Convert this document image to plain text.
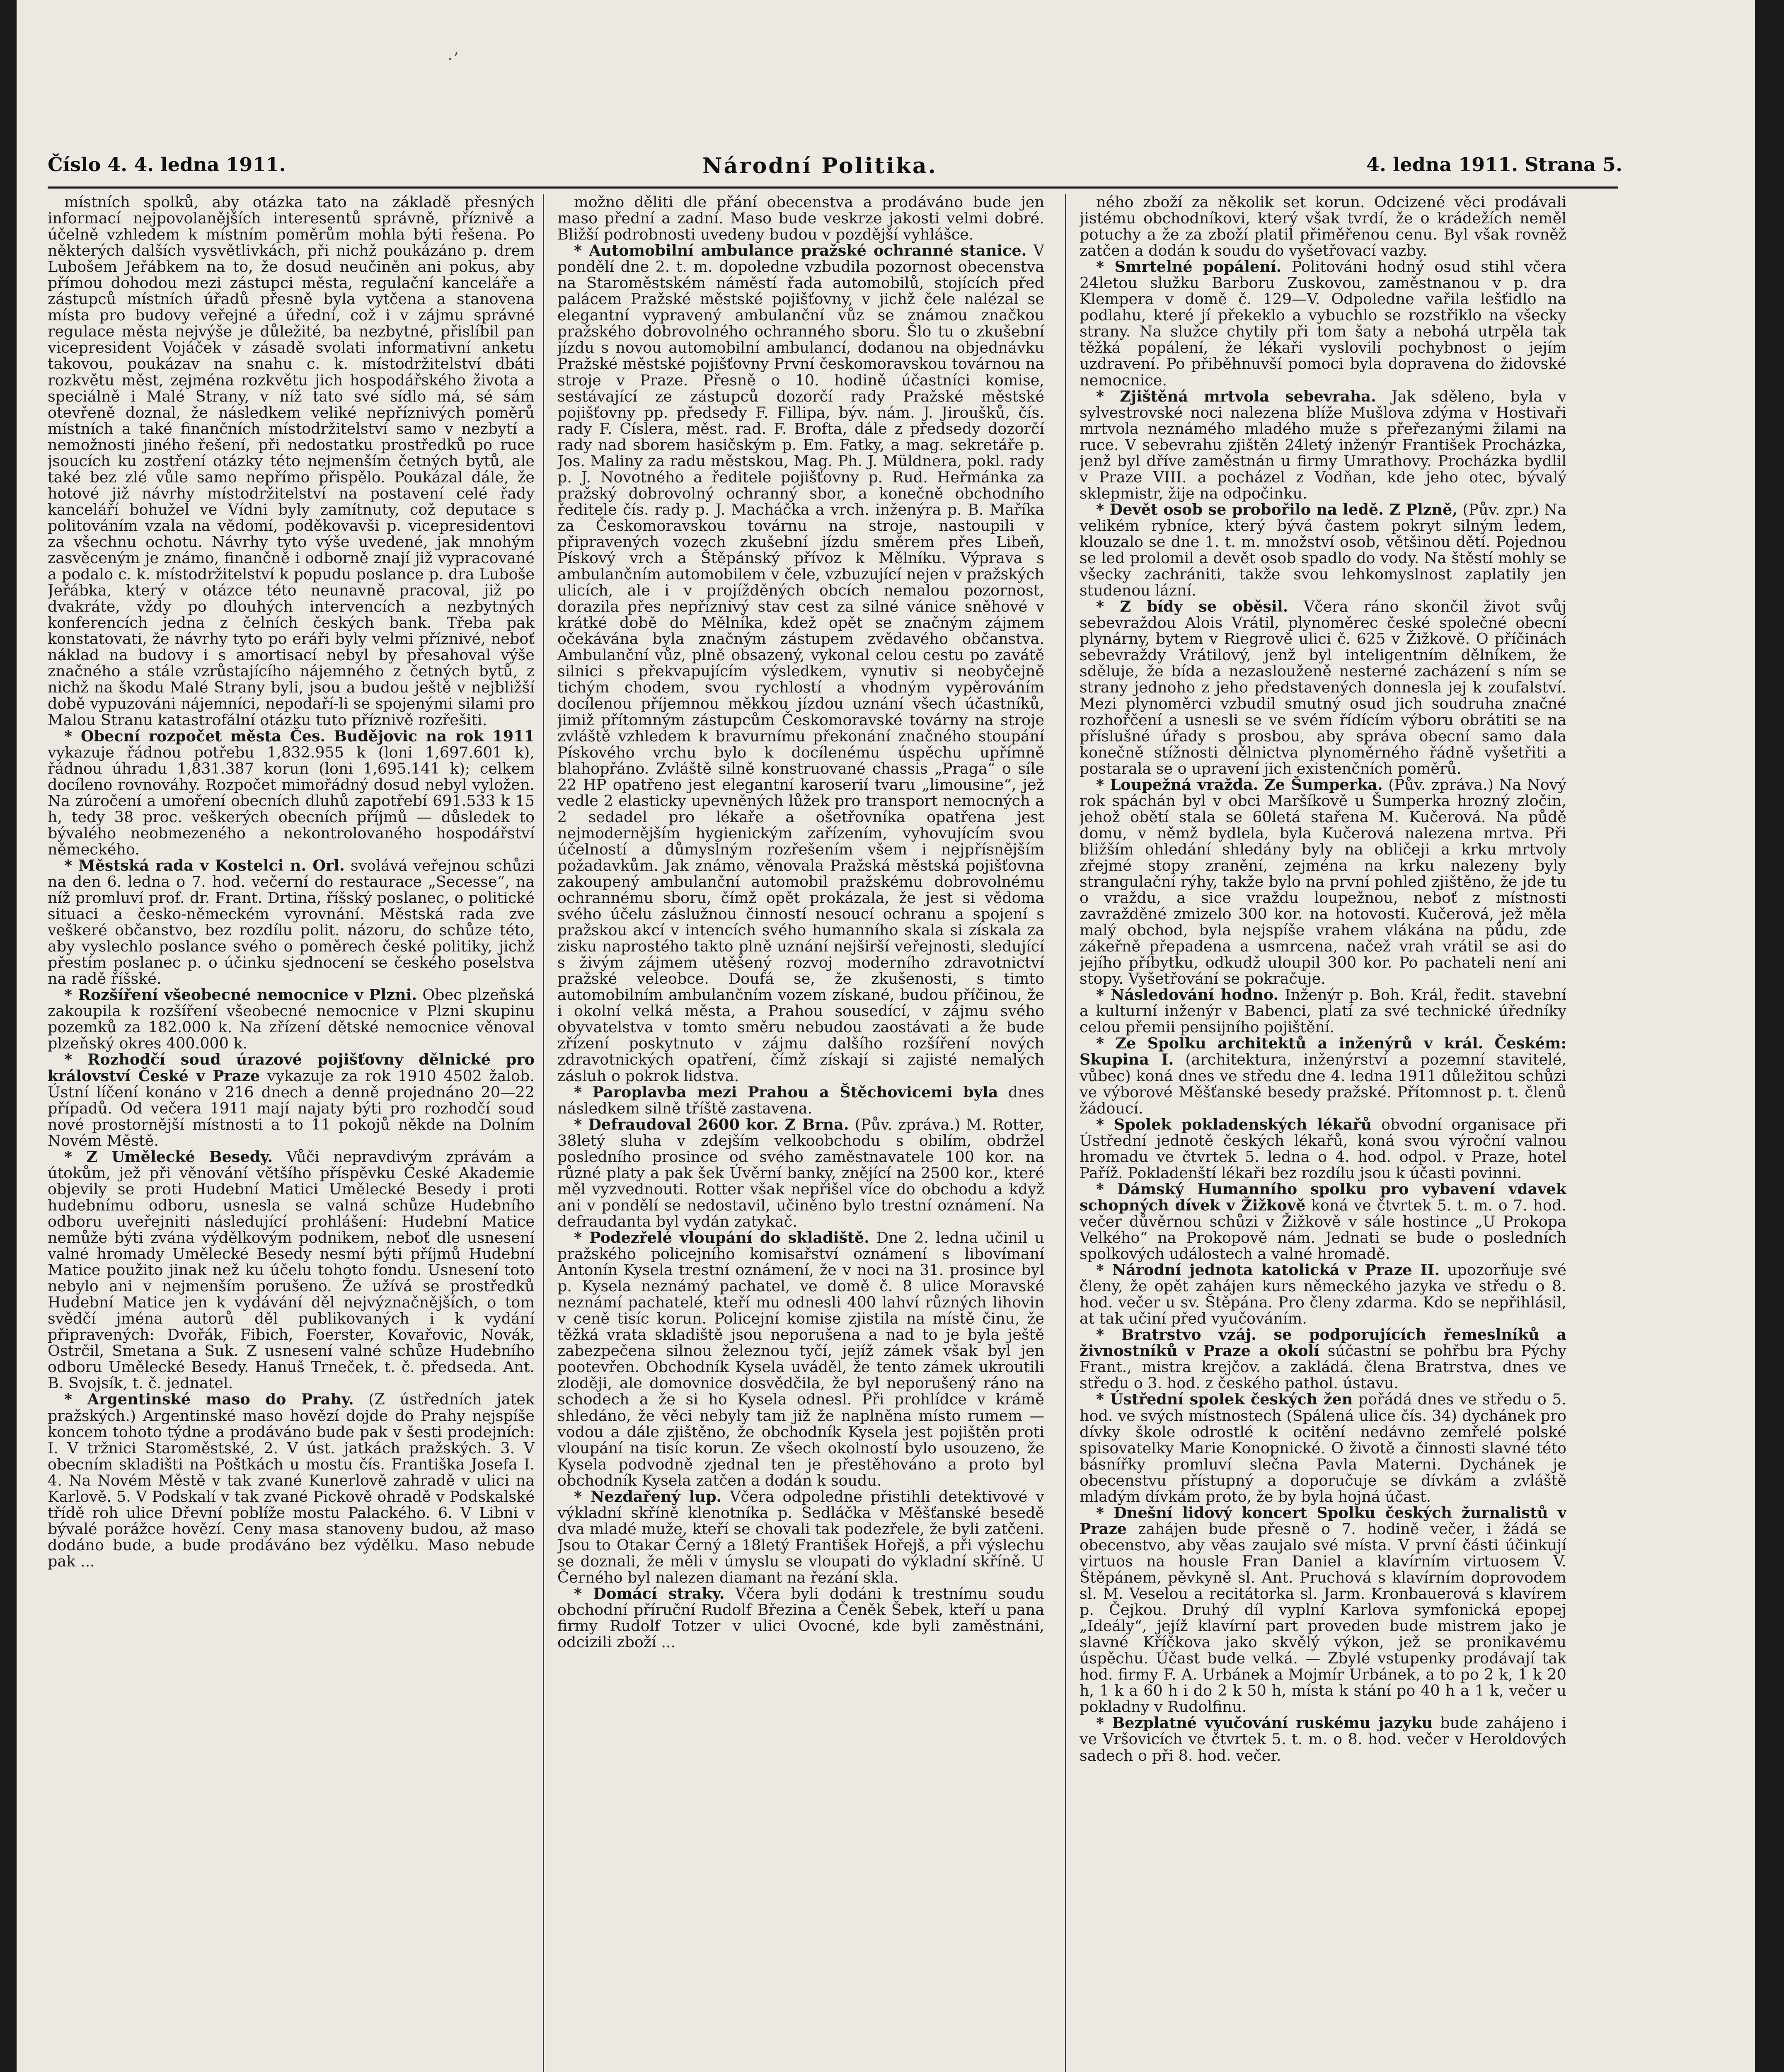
·ʼ
Číslo 4. 4. ledna 1911.	Národní Politika.	4. ledna 1911. Strana 5.

místních spolků, aby otázka tato na základě přesných informací nejpovolanějších interesentů správně, příznivě a účelně vzhledem k místním poměrům mohla býti řešena. Po některých dalších vysvětlivkách, při nichž poukázáno p. drem Lubošem Jeřábkem na to, že dosud neučiněn ani pokus, aby přímou dohodou mezi zástupci města, regulační kanceláře a zástupců místních úřadů přesně byla vytčena a stanovena místa pro budovy veřejné a úřední, což i v zájmu správné regulace města nejvýše je důležité, ba nezbytné, přislíbil pan vicepresident Vojáček v zásadě svolati informativní anketu takovou, poukázav na snahu c. k. místodržitelství dbáti rozkvětu měst, zejména rozkvětu jich hospodářského života a speciálně i Malé Strany, v níž tato své sídlo má, sé sám otevřeně doznal, že následkem veliké nepříznivých poměrů místních a také finančních místodržitelství samo v nezbytí a nemožnosti jiného řešení, při nedostatku prostředků po ruce jsoucích ku zostření otázky této nejmenším četných bytů, ale také bez zlé vůle samo nepřímo přispělo. Poukázal dále, že hotové již návrhy místodržitelství na postavení celé řady kanceláří bohužel ve Vídni byly zamítnuty, což deputace s politováním vzala na vědomí, poděkovavši p. vicepresidentovi za všechnu ochotu. Návrhy tyto výše uvedené, jak mnohým zasvěceným je známo, finančně i odborně znají již vypracované a podalo c. k. místodržitelství k popudu poslance p. dra Luboše Jeřábka, který v otázce této neunavně pracoval, již po dvakráte, vždy po dlouhých intervencích a nezbytných konferencích jedna z čelních českých bank. Třeba pak konstatovati, že návrhy tyto po eráři byly velmi příznivé, neboť náklad na budovy i s amortisací nebyl by přesahoval výše značného a stále vzrůstajícího nájemného z četných bytů, z nichž na škodu Malé Strany byli, jsou a budou ještě v nejbližší době vypuzováni nájemníci, nepodaří-li se spojenými silami pro Malou Stranu katastrofální otázku tuto příznivě rozřešiti.

* Obecní rozpočet města Čes. Budějovic na rok 1911 vykazuje řádnou potřebu 1,832.955 k (loni 1,697.601 k), řádnou úhradu 1,831.387 korun (loni 1,695.141 k); celkem docíleno rovnováhy. Rozpočet mimořádný dosud nebyl vyložen. Na zúročení a umoření obecních dluhů zapotřebí 691.533 k 15 h, tedy 38 proc. veškerých obecních příjmů — důsledek to bývalého neobmezeného a nekontrolovaného hospodářství německého.

* Městská rada v Kostelci n. Orl. svolává veřejnou schůzi na den 6. ledna o 7. hod. večerní do restaurace „Secesse“, na níž promluví prof. dr. Frant. Drtina, říšský poslanec, o politické situaci a česko-německém vyrovnání. Městská rada zve veškeré občanstvo, bez rozdílu polit. názoru, do schůze této, aby vyslechlo poslance svého o poměrech české politiky, jichž přestím poslanec p. o účinku sjednocení se českého poselstva na radě říšské.

* Rozšíření všeobecné nemocnice v Plzni. Obec plzeňská zakoupila k rozšíření všeobecné nemocnice v Plzni skupinu pozemků za 182.000 k. Na zřízení dětské nemocnice věnoval plzeňský okres 400.000 k.

* Rozhodčí soud úrazové pojišťovny dělnické pro království České v Praze vykazuje za rok 1910 4502 žalob. Ústní líčení konáno v 216 dnech a denně projednáno 20—22 případů. Od večera 1911 mají najaty býti pro rozhodčí soud nové prostornější místnosti a to 11 pokojů někde na Dolním Novém Městě.

* Z Umělecké Besedy. Vůči nepravdivým zprávám a útokům, jež při věnování většího příspěvku České Akademie objevily se proti Hudební Matici Umělecké Besedy i proti hudebnímu odboru, usnesla se valná schůze Hudebního odboru uveřejniti následující prohlášení: Hudební Matice nemůže býti zvána výdělkovým podnikem, neboť dle usnesení valné hromady Umělecké Besedy nesmí býti příjmů Hudební Matice použito jinak než ku účelu tohoto fondu. Usnesení toto nebylo ani v nejmenším porušeno. Že užívá se prostředků Hudební Matice jen k vydávání děl nejvýznačnějších, o tom svědčí jména autorů děl publikovaných i k vydání připravených: Dvořák, Fibich, Foerster, Kovařovic, Novák, Ostrčil, Smetana a Suk. Z usnesení valné schůze Hudebního odboru Umělecké Besedy. Hanuš Trneček, t. č. předseda. Ant. B. Svojsík, t. č. jednatel.

* Argentinské maso do Prahy. (Z ústředních jatek pražských.) Argentinské maso hovězí dojde do Prahy nejspíše koncem tohoto týdne a prodáváno bude pak v šesti prodejních: I. V tržnici Staroměstské, 2. V úst. jatkách pražských. 3. V obecním skladišti na Poštkách u mostu čís. Františka Josefa I. 4. Na Novém Městě v tak zvané Kunerlově zahradě v ulici na Karlově. 5. V Podskalí v tak zvané Pickově ohradě v Podskalské třídě roh ulice Dřevní poblíže mostu Palackého. 6. V Libni v bývalé porážce hovězí. Ceny masa stanoveny budou, až maso dodáno bude, a bude prodáváno bez výdělku. Maso nebude pak ...

možno děliti dle přání obecenstva a prodáváno bude jen maso přední a zadní. Maso bude veskrze jakosti velmi dobré. Bližší podrobnosti uvedeny budou v pozdější vyhlášce.

* Automobilní ambulance pražské ochranné stanice. V pondělí dne 2. t. m. dopoledne vzbudila pozornost obecenstva na Staroměstském náměstí řada automobilů, stojících před palácem Pražské městské pojišťovny, v jichž čele nalézal se elegantní vypravený ambulanční vůz se známou značkou pražského dobrovolného ochranného sboru. Šlo tu o zkušební jízdu s novou automobilní ambulancí, dodanou na objednávku Pražské městské pojišťovny První českomoravskou továrnou na stroje v Praze. Přesně o 10. hodině účastníci komise, sestávající ze zástupců dozorčí rady Pražské městské pojišťovny pp. předsedy F. Fillipa, býv. nám. J. Jiroušků, čís. rady F. Císlera, měst. rad. F. Brofta, dále z předsedy dozorčí rady nad sborem hasičským p. Em. Fatky, a mag. sekretáře p. Jos. Maliny za radu městskou, Mag. Ph. J. Müldnera, pokl. rady p. J. Novotného a ředitele pojišťovny p. Rud. Heřmánka za pražský dobrovolný ochranný sbor, a konečně obchodního ředitele čís. rady p. J. Macháčka a vrch. inženýra p. B. Maříka za Českomoravskou továrnu na stroje, nastoupili v připravených vozech zkušební jízdu směrem přes Libeň, Pískový vrch a Štěpánský přívoz k Mělníku. Výprava s ambulančním automobilem v čele, vzbuzující nejen v pražských ulicích, ale i v projížděných obcích nemalou pozornost, dorazila přes nepříznivý stav cest za silné vánice sněhové v krátké době do Mělníka, kdež opět se značným zájmem očekávána byla značným zástupem zvědavého občanstva. Ambulanční vůz, plně obsazený, vykonal celou cestu po zavátě silnici s překvapujícím výsledkem, vynutiv si neobyčejně tichým chodem, svou rychlostí a vhodným vypěrováním docílenou příjemnou měkkou jízdou uznání všech účastníků, jimiž přítomným zástupcům Českomoravské továrny na stroje zvláště vzhledem k bravurnímu překonání značného stoupání Pískového vrchu bylo k docílenému úspěchu upřímně blahopřáno. Zvláště silně konstruované chassis „Praga“ o síle 22 HP opatřeno jest elegantní karoserií tvaru „limousine“, jež vedle 2 elasticky upevněných lůžek pro transport nemocných a 2 sedadel pro lékaře a ošetřovníka opatřena jest nejmodernějším hygienickým zařízením, vyhovujícím svou účelností a důmyslným rozřešením všem i nejpřísnějším požadavkům. Jak známo, věnovala Pražská městská pojišťovna zakoupený ambulanční automobil pražskému dobrovolnému ochrannému sboru, čímž opět prokázala, že jest si vědoma svého účelu záslužnou činností nesoucí ochranu a spojení s pražskou akcí v intencích svého humanního skala si získala za zisku naprostého takto plně uznání nejširší veřejnosti, sledující s živým zájmem utěšený rozvoj moderního zdravotnictví pražské veleobce. Doufá se, že zkušenosti, s timto automobilním ambulančním vozem získané, budou příčinou, že i okolní velká města, a Prahou sousedící, v zájmu svého obyvatelstva v tomto směru nebudou zaostávati a že bude zřízení poskytnuto v zájmu dalšího rozšíření nových zdravotnických opatření, čímž získají si zajisté nemalých zásluh o pokrok lidstva.

* Paroplavba mezi Prahou a Štěchovicemi byla dnes následkem silně tříště zastavena.

* Defraudoval 2600 kor. Z Brna. (Pův. zpráva.) M. Rotter, 38letý sluha v zdejším velkoobchodu s obilím, obdržel posledního prosince od svého zaměstnavatele 100 kor. na různé platy a pak šek Úvěrní banky, znějící na 2500 kor., které měl vyzvednouti. Rotter však nepřišel více do obchodu a když ani v pondělí se nedostavil, učiněno bylo trestní oznámení. Na defraudanta byl vydán zatykač.

* Podezřelé vloupání do skladiště. Dne 2. ledna učinil u pražského policejního komisařství oznámení s libovímaní Antonín Kysela trestní oznámení, že v noci na 31. prosince byl p. Kysela neznámý pachatel, ve domě č. 8 ulice Moravské neznámí pachatelé, kteří mu odnesli 400 lahví různých lihovin v ceně tisíc korun. Policejní komise zjistila na místě činu, že těžká vrata skladiště jsou neporušena a nad to je byla ještě zabezpečena silnou železnou tyčí, jejíž zámek však byl jen pootevřen. Obchodník Kysela uváděl, že tento zámek ukroutili zloději, ale domovnice dosvědčila, že byl neporušený ráno na schodech a že si ho Kysela odnesl. Při prohlídce v krámě shledáno, že věci nebyly tam již že naplněna místo rumem — vodou a dále zjištěno, že obchodník Kysela jest pojištěn proti vloupání na tisíc korun. Ze všech okolností bylo usouzeno, že Kysela podvodně zjednal ten je přestěhováno a proto byl obchodník Kysela zatčen a dodán k soudu.

* Nezdařený lup. Včera odpoledne přistihli detektivové v výkladní skříně klenotníka p. Sedláčka v Měšťanské besedě dva mladé muže, kteří se chovali tak podezřele, že byli zatčeni. Jsou to Otakar Černý a 18letý František Hořejš, a při výslechu se doznali, že měli v úmyslu se vloupati do výkladní skříně. U Černého byl nalezen diamant na řezání skla.

* Domácí straky. Včera byli dodáni k trestnímu soudu obchodní příruční Rudolf Březina a Čeněk Šebek, kteří u pana firmy Rudolf Totzer v ulici Ovocné, kde byli zaměstnáni, odcizili zboží ...

ného zboží za několik set korun. Odcizené věci prodávali jistému obchodníkovi, který však tvrdí, že o krádežích neměl potuchy a že za zboží platil přiměřenou cenu. Byl však rovněž zatčen a dodán k soudu do vyšetřovací vazby.

* Smrtelné popálení. Politováni hodný osud stihl včera 24letou služku Barboru Zuskovou, zaměstnanou v p. dra Klempera v domě č. 129—V. Odpoledne vařila lešťidlo na podlahu, které jí překeklo a vybuchlo se rozstřiklo na všecky strany. Na služce chytily při tom šaty a nebohá utrpěla tak těžká popálení, že lékaři vyslovili pochybnost o jejím uzdravení. Po přiběhnuvší pomoci byla dopravena do židovské nemocnice.

* Zjištěná mrtvola sebevraha. Jak sděleno, byla v sylvestrovské noci nalezena blíže Mušlova zdýma v Hostivaři mrtvola neznámého mladého muže s přeřezanými žilami na ruce. V sebevrahu zjištěn 24letý inženýr František Procházka, jenž byl dříve zaměstnán u firmy Umrathovy. Procházka bydlil v Praze VIII. a pocházel z Vodňan, kde jeho otec, bývalý sklepmistr, žije na odpočinku.

* Devět osob se probořilo na ledě. Z Plzně, (Pův. zpr.) Na velikém rybníce, který bývá častem pokryt silným ledem, klouzalo se dne 1. t. m. množství osob, většinou dětí. Pojednou se led prolomil a devět osob spadlo do vody. Na štěstí mohly se všecky zachrániti, takže svou lehkomyslnost zaplatily jen studenou lázní.

* Z bídy se oběsil. Včera ráno skončil život svůj sebevraždou Alois Vrátil, plynoměrec české společné obecní plynárny, bytem v Riegrově ulici č. 625 v Žižkově. O příčinách sebevraždy Vrátilový, jenž byl inteligentním dělníkem, že sděluje, že bída a nezaslouženě nesterné zacházení s ním se strany jednoho z jeho představených donnesla jej k zoufalství. Mezi plynoměrci vzbudil smutný osud jich soudruha značné rozhořčení a usnesli se ve svém řídícím výboru obrátiti se na příslušné úřady s prosbou, aby správa obecní samo dala konečně stížnosti dělnictva plynoměrného řádně vyšetřiti a postarala se o upravení jich existenčních poměrů.

* Loupežná vražda. Ze Šumperka. (Pův. zpráva.) Na Nový rok spáchán byl v obci Maršíkově u Šumperka hrozný zločin, jehož obětí stala se 60letá stařena M. Kučerová. Na půdě domu, v němž bydlela, byla Kučerová nalezena mrtva. Při bližším ohledání shledány byly na obličeji a krku mrtvoly zřejmé stopy zranění, zejména na krku nalezeny byly strangulační rýhy, takže bylo na první pohled zjištěno, že jde tu o vraždu, a sice vraždu loupežnou, neboť z místnosti zavražděné zmizelo 300 kor. na hotovosti. Kučerová, jež měla malý obchod, byla nejspíše vrahem vlákána na půdu, zde zákeřně přepadena a usmrcena, načež vrah vrátil se asi do jejího příbytku, odkudž uloupil 300 kor. Po pachateli není ani stopy. Vyšetřování se pokračuje.

* Následování hodno. Inženýr p. Boh. Král, ředit. stavební a kulturní inženýr v Babenci, platí za své technické úředníky celou přemii pensijního pojištění.

* Ze Spolku architektů a inženýrů v král. Českém: Skupina I. (architektura, inženýrství a pozemní stavitelé, vůbec) koná dnes ve středu dne 4. ledna 1911 důležitou schůzi ve výborové Měšťanské besedy pražské. Přítomnost p. t. členů žádoucí.

* Spolek pokladenských lékařů obvodní organisace při Ústřední jednotě českých lékařů, koná svou výroční valnou hromadu ve čtvrtek 5. ledna o 4. hod. odpol. v Praze, hotel Paříž. Pokladenští lékaři bez rozdílu jsou k účasti povinni.

* Dámský Humanního spolku pro vybavení vdavek schopných dívek v Žižkově koná ve čtvrtek 5. t. m. o 7. hod. večer důvěrnou schůzi v Žižkově v sále hostince „U Prokopa Velkého“ na Prokopově nám. Jednati se bude o posledních spolkových událostech a valné hromadě.

* Národní jednota katolická v Praze II. upozorňuje své členy, že opět zahájen kurs německého jazyka ve středu o 8. hod. večer u sv. Štěpána. Pro členy zdarma. Kdo se nepřihlásil, at tak učiní před vyučováním.

* Bratrstvo vzáj. se podporujících řemeslníků a živnostníků v Praze a okolí súčastní se pohřbu bra Pýchy Frant., mistra krejčov. a zakládá. člena Bratrstva, dnes ve středu o 3. hod. z českého pathol. ústavu.

* Ústřední spolek českých žen pořádá dnes ve středu o 5. hod. ve svých místnostech (Spálená ulice čís. 34) dychánek pro dívky škole odrostlé k ocitění nedávno zemřelé polské spisovatelky Marie Konopnické. O životě a činnosti slavné této básnířky promluví slečna Pavla Materni. Dychánek je obecenstvu přístupný a doporučuje se dívkám a zvláště mladým dívkám proto, že by byla hojná účast.

* Dnešní lidový koncert Spolku českých žurnalistů v Praze zahájen bude přesně o 7. hodině večer, i žádá se obecenstvo, aby věas zaujalo své místa. V první části účinkují virtuos na housle Fran Daniel a klavírním virtuosem V. Štěpánem, pěvkyně sl. Ant. Pruchová s klavírním doprovodem sl. M. Veselou a recitátorka sl. Jarm. Kronbauerová s klavírem p. Čejkou. Druhý díl vyplní Karlova symfonická epopej „Ideály“, jejíž klavírní part proveden bude mistrem jako je slavné Kříčkova jako skvělý výkon, jež se pronikavému úspěchu. Účast bude velká. — Zbylé vstupenky prodávají tak hod. firmy F. A. Urbánek a Mojmír Urbánek, a to po 2 k, 1 k 20 h, 1 k a 60 h i do 2 k 50 h, místa k stání po 40 h a 1 k, večer u pokladny v Rudolfinu.

* Bezplatné vyučování ruskému jazyku bude zahájeno i ve Vršovicích ve čtvrtek 5. t. m. o 8. hod. večer v Heroldových sadech o při 8. hod. večer.
